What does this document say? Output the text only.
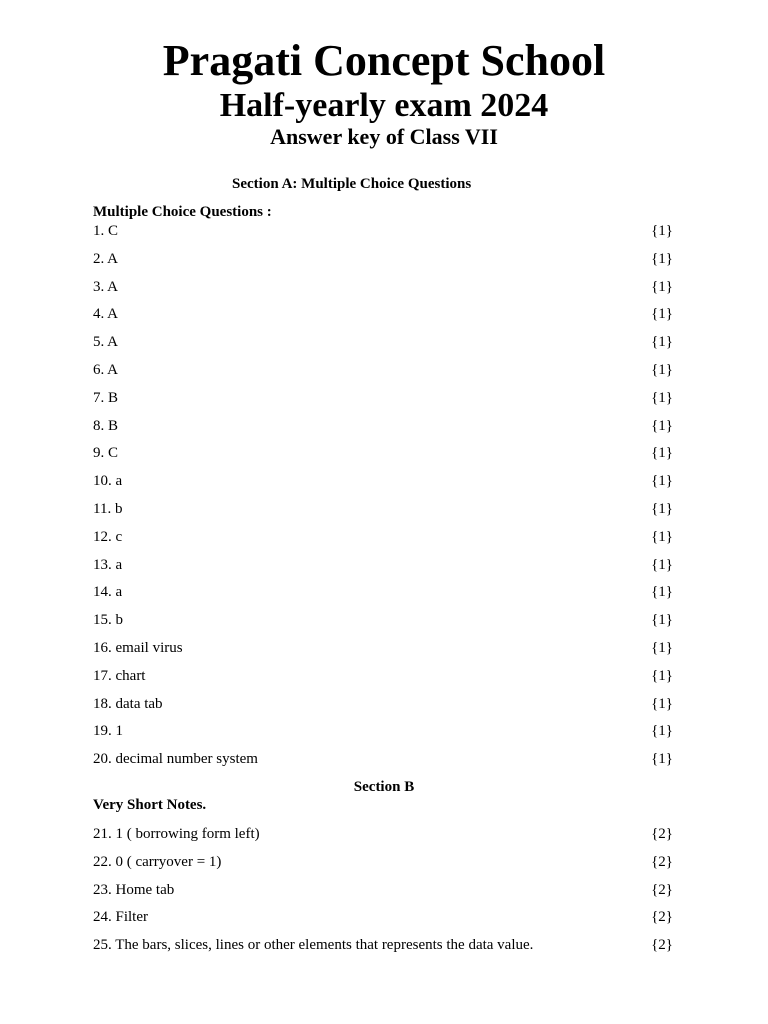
Pragati Concept School
Half-yearly exam 2024
Answer key of Class VII
Section A: Multiple Choice Questions
Multiple Choice Questions :
1. C	{1}
2. A	{1}
3. A	{1}
4. A	{1}
5. A	{1}
6. A	{1}
7. B	{1}
8. B	{1}
9. C	{1}
10. a	{1}
11. b	{1}
12. c	{1}
13. a	{1}
14. a	{1}
15. b	{1}
16. email virus	{1}
17. chart	{1}
18. data tab	{1}
19. 1	{1}
20. decimal number system	{1}
Section B
Very Short Notes.
21. 1 ( borrowing form left)	{2}
22. 0 ( carryover = 1)	{2}
23. Home tab	{2}
24. Filter	{2}
25. The bars, slices, lines or other elements that represents the data value.	{2}
